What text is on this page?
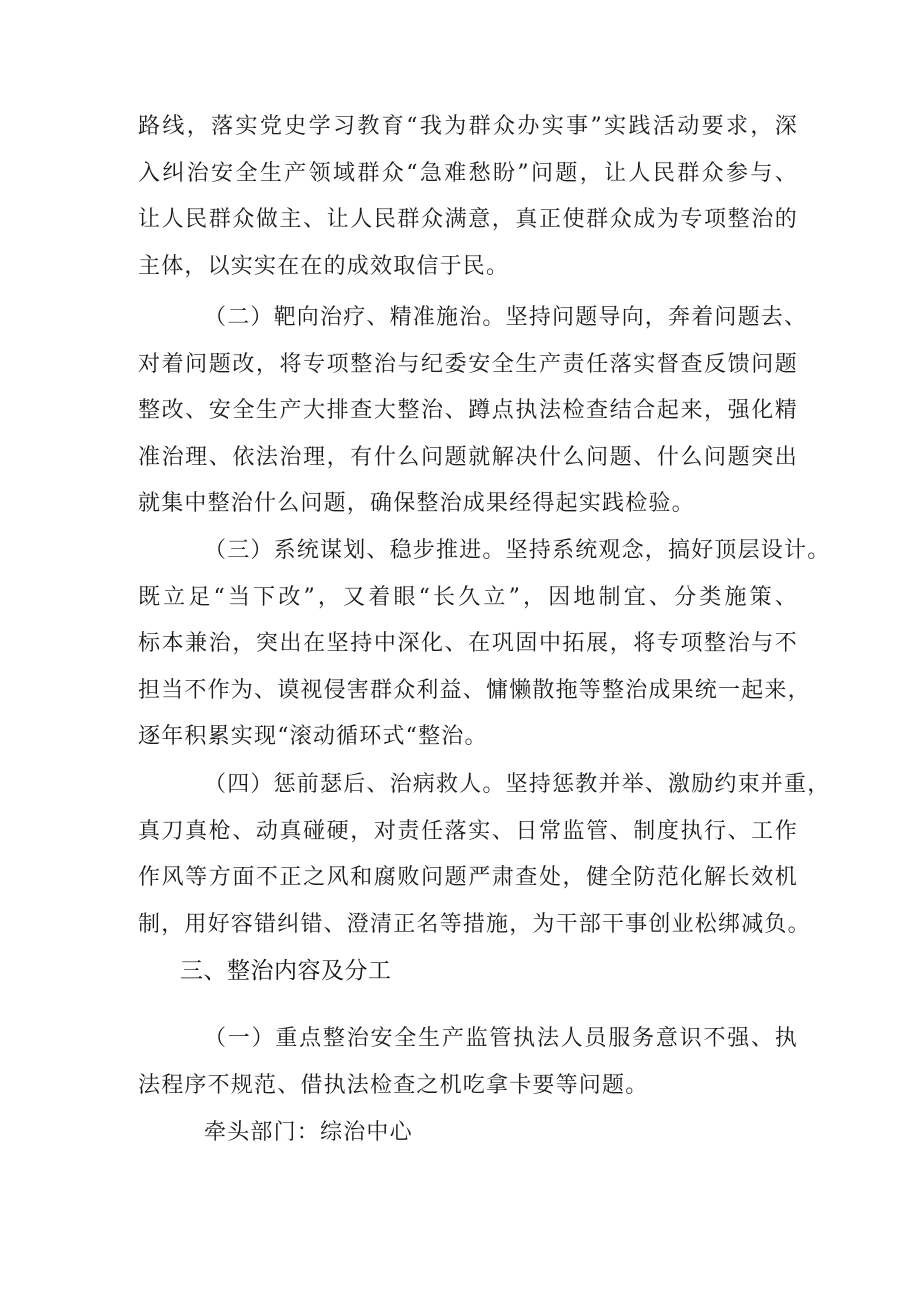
路线，落实党史学习教育“我为群众办实事”实践活动要求，深
入纠治安全生产领域群众“急难愁盼”问题，让人民群众参与、
让人民群众做主、让人民群众满意，真正使群众成为专项整治的
主体，以实实在在的成效取信于民。
（二）靶向治疗、精准施治。坚持问题导向，奔着问题去、
对着问题改，将专项整治与纪委安全生产责任落实督查反馈问题
整改、安全生产大排查大整治、蹲点执法检查结合起来，强化精
准治理、依法治理，有什么问题就解决什么问题、什么问题突出
就集中整治什么问题，确保整治成果经得起实践检验。
（三）系统谋划、稳步推进。坚持系统观念，搞好顶层设计。
既立足“当下改”，又着眼“长久立”，因地制宜、分类施策、
标本兼治，突出在坚持中深化、在巩固中拓展，将专项整治与不
担当不作为、谟视侵害群众利益、慵懒散拖等整治成果统一起来，
逐年积累实现“滚动循环式“整治。
（四）惩前瑟后、治病救人。坚持惩教并举、激励约束并重，
真刀真枪、动真碰硬，对责任落实、日常监管、制度执行、工作
作风等方面不正之风和腐败问题严肃查处，健全防范化解长效机
制，用好容错纠错、澄清正名等措施，为干部干事创业松绑减负。
三、整治内容及分工
（一）重点整治安全生产监管执法人员服务意识不强、执
法程序不规范、借执法检查之机吃拿卡要等问题。
牵头部门：综治中心
